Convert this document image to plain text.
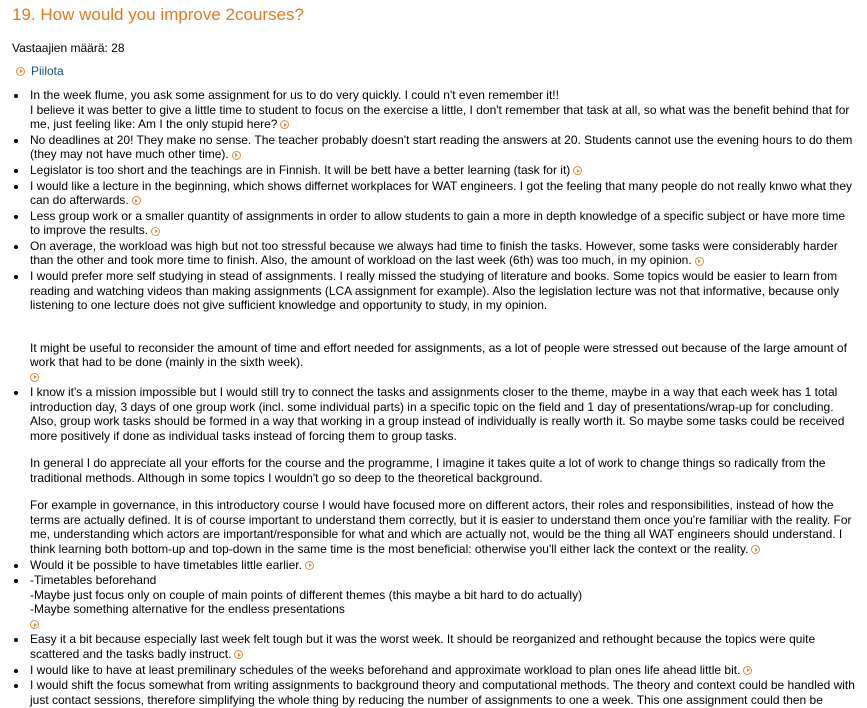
19. How would you improve 2courses?
Vastaajien määrä: 28
Piilota

In the week flume, you ask some assignment for us to do very quickly. I could n't even remember it!!

I believe it was better to give a little time to student to focus on the exercise a little, I don't remember that task at all, so what was the benefit behind that for me, just feeling like: Am I the only stupid here?

No deadlines at 20! They make no sense. The teacher probably doesn't start reading the answers at 20. Students cannot use the evening hours to do them (they may not have much other time).

Legislator is too short and the teachings are in Finnish. It will be bett have a better learning (task for it)

I would like a lecture in the beginning, which shows differnet workplaces for WAT engineers. I got the feeling that many people do not really knwo what they can do afterwards.

Less group work or a smaller quantity of assignments in order to allow students to gain a more in depth knowledge of a specific subject or have more time to improve the results.

On average, the workload was high but not too stressful because we always had time to finish the tasks. However, some tasks were considerably harder than the other and took more time to finish. Also, the amount of workload on the last week (6th) was too much, in my opinion.

I would prefer more self studying in stead of assignments. I really missed the studying of literature and books. Some topics would be easier to learn from reading and watching videos than making assignments (LCA assignment for example). Also the legislation lecture was not that informative, because only listening to one lecture does not give sufficient knowledge and opportunity to study, in my opinion.

It might be useful to reconsider the amount of time and effort needed for assignments, as a lot of people were stressed out because of the large amount of work that had to be done (mainly in the sixth week).

I know it's a mission impossible but I would still try to connect the tasks and assignments closer to the theme, maybe in a way that each week has 1 total introduction day, 3 days of one group work (incl. some individual parts) in a specific topic on the field and 1 day of presentations/wrap-up for concluding. Also, group work tasks should be formed in a way that working in a group instead of individually is really worth it. So maybe some tasks could be received more positively if done as individual tasks instead of forcing them to group tasks.

In general I do appreciate all your efforts for the course and the programme, I imagine it takes quite a lot of work to change things so radically from the traditional methods. Although in some topics I wouldn't go so deep to the theoretical background.

For example in governance, in this introductory course I would have focused more on different actors, their roles and responsibilities, instead of how the terms are actually defined. It is of course important to understand them correctly, but it is easier to understand them once you're familiar with the reality. For me, understanding which actors are important/responsible for what and which are actually not, would be the thing all WAT engineers should understand. I think learning both bottom-up and top-down in the same time is the most beneficial: otherwise you'll either lack the context or the reality.

Would it be possible to have timetables little earlier.

-Timetables beforehand

-Maybe just focus only on couple of main points of different themes (this maybe a bit hard to do actually)

-Maybe something alternative for the endless presentations

Easy it a bit because especially last week felt tough but it was the worst week. It should be reorganized and rethought because the topics were quite scattered and the tasks badly instruct.

I would like to have at least premilinary schedules of the weeks beforehand and approximate workload to plan ones life ahead little bit.

I would shift the focus somewhat from writing assignments to background theory and computational methods. The theory and context could be handled with just contact sessions, therefore simplifying the whole thing by reducing the number of assignments to one a week. This one assignment could then be
